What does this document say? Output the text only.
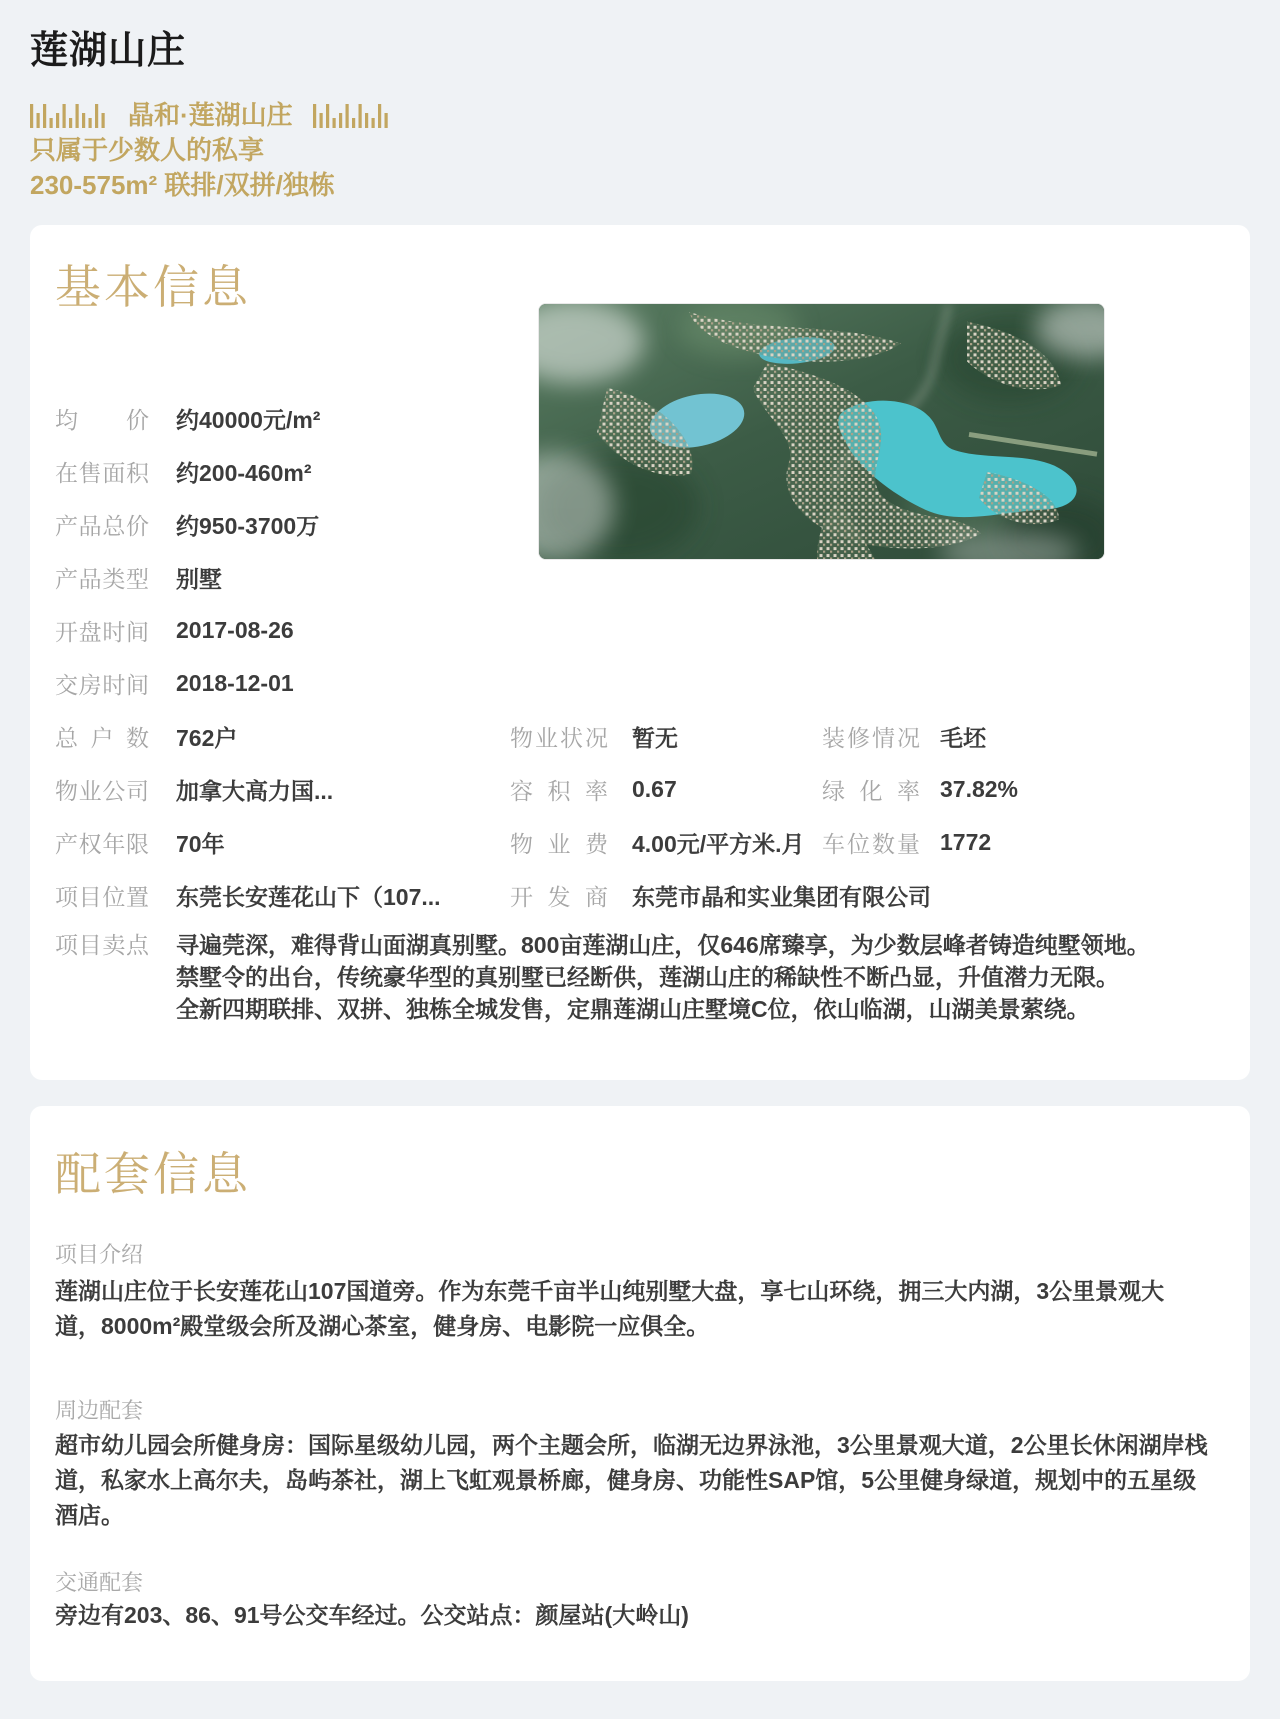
莲湖山庄
晶和·莲湖山庄
只属于少数人的私享
230-575m² 联排/双拼/独栋
基本信息
均价 约40000元/m²
在售面积 约200-460m²
产品总价 约950-3700万
产品类型 别墅
开盘时间 2017-08-26
交房时间 2018-12-01
总户数 762户
物业公司 加拿大高力国...
产权年限 70年
项目位置 东莞长安莲花山下（107...
物业状况 暂无
容积率 0.67
物业费 4.00元/平方米.月
开发商 东莞市晶和实业集团有限公司
装修情况 毛坯
绿化率 37.82%
车位数量 1772
项目卖点 寻遍莞深，难得背山面湖真别墅。800亩莲湖山庄，仅646席臻享，为少数层峰者铸造纯墅领地。禁墅令的出台，传统豪华型的真别墅已经断供，莲湖山庄的稀缺性不断凸显，升值潜力无限。
全新四期联排、双拼、独栋全城发售，定鼎莲湖山庄墅境C位，依山临湖，山湖美景萦绕。
配套信息
项目介绍
莲湖山庄位于长安莲花山107国道旁。作为东莞千亩半山纯别墅大盘，享七山环绕，拥三大内湖，3公里景观大道，8000m²殿堂级会所及湖心茶室，健身房、电影院一应俱全。
周边配套
超市幼儿园会所健身房：国际星级幼儿园，两个主题会所，临湖无边界泳池，3公里景观大道，2公里长休闲湖岸栈道，私家水上高尔夫，岛屿茶社，湖上飞虹观景桥廊，健身房、功能性SAP馆，5公里健身绿道，规划中的五星级酒店。
交通配套
旁边有203、86、91号公交车经过。公交站点：颜屋站(大岭山)
